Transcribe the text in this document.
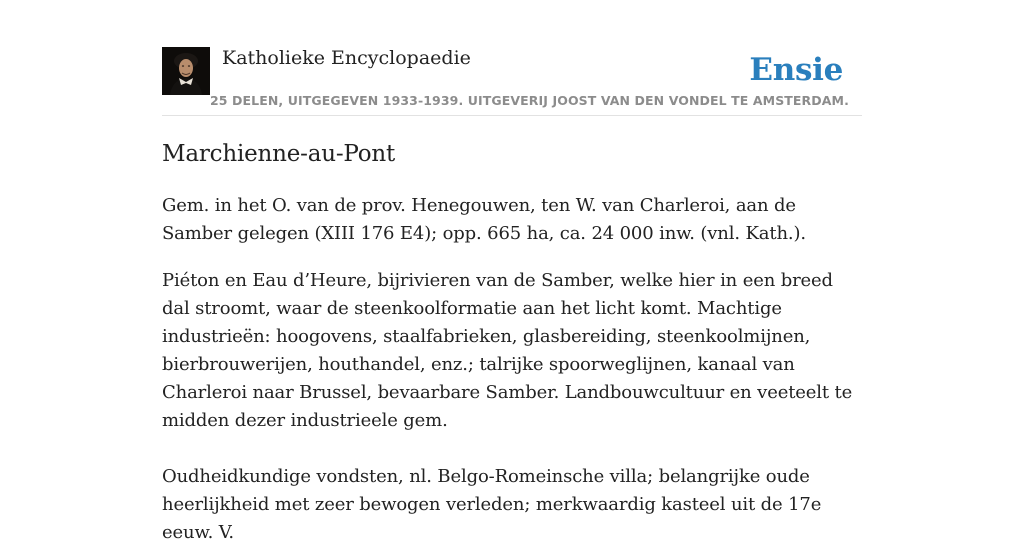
Katholieke Encyclopaedie	Ensie
25 DELEN, UITGEGEVEN 1933-1939. UITGEVERIJ JOOST VAN DEN VONDEL TE AMSTERDAM.
Marchienne-au-Pont

Gem. in het O. van de prov. Henegouwen, ten W. van Charleroi, aan de Samber gelegen (XIII 176 E4); opp. 665 ha, ca. 24 000 inw. (vnl. Kath.).

Piéton en Eau d’Heure, bijrivieren van de Samber, welke hier in een breed dal stroomt, waar de steenkoolformatie aan het licht komt. Machtige industrieën: hoogovens, staalfabrieken, glasbereiding, steenkoolmijnen, bierbrouwerijen, houthandel, enz.; talrijke spoorweglijnen, kanaal van Charleroi naar Brussel, bevaarbare Samber. Landbouwcultuur en veeteelt te midden dezer industrieele gem.

Oudheidkundige vondsten, nl. Belgo-Romeinsche villa; belangrijke oude heerlijkheid met zeer bewogen verleden; merkwaardig kasteel uit de 17e eeuw. V.
